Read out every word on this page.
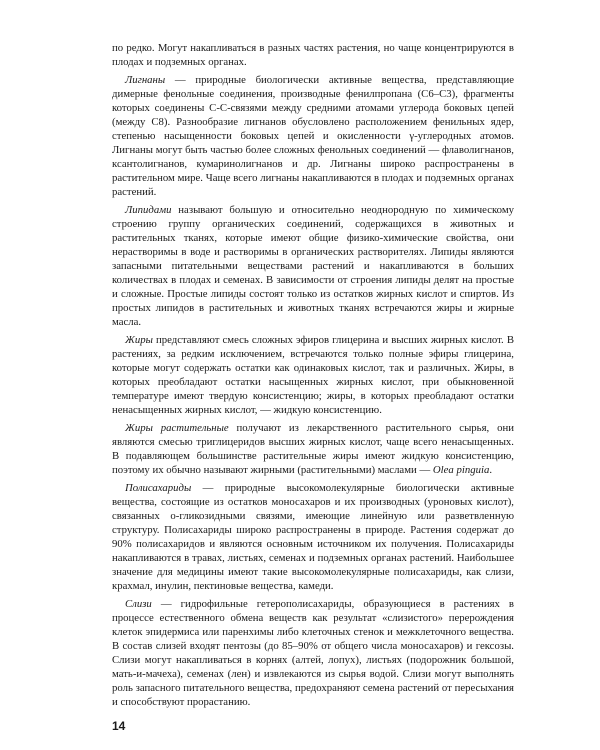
по редко. Могут накапливаться в разных частях растения, но чаще концентрируются в плодах и подземных органах.

Лигнаны — природные биологически активные вещества, представляющие димерные фенольные соединения, производные фенилпропана (С6–С3), фрагменты которых соединены С-С-связями между средними атомами углерода боковых цепей (между С8). Разнообразие лигнанов обусловлено расположением фенильных ядер, степенью насыщенности боковых цепей и окисленности γ-углеродных атомов. Лигнаны могут быть частью более сложных фенольных соединений — флаволигнанов, ксантолигнанов, кумаринолигнанов и др. Лигнаны широко распространены в растительном мире. Чаще всего лигнаны накапливаются в плодах и подземных органах растений.

Липидами называют большую и относительно неоднородную по химическому строению группу органических соединений, содержащихся в животных и растительных тканях, которые имеют общие физико-химические свойства, они нерастворимы в воде и растворимы в органических растворителях. Липиды являются запасными питательными веществами растений и накапливаются в больших количествах в плодах и семенах. В зависимости от строения липиды делят на простые и сложные. Простые липиды состоят только из остатков жирных кислот и спиртов. Из простых липидов в растительных и животных тканях встречаются жиры и жирные масла.

Жиры представляют смесь сложных эфиров глицерина и высших жирных кислот. В растениях, за редким исключением, встречаются только полные эфиры глицерина, которые могут содержать остатки как одинаковых кислот, так и различных. Жиры, в которых преобладают остатки насыщенных жирных кислот, при обыкновенной температуре имеют твердую консистенцию; жиры, в которых преобладают остатки ненасыщенных жирных кислот, — жидкую консистенцию.

Жиры растительные получают из лекарственного растительного сырья, они являются смесью триглицеридов высших жирных кислот, чаще всего ненасыщенных. В подавляющем большинстве растительные жиры имеют жидкую консистенцию, поэтому их обычно называют жирными (растительными) маслами — Olea pinguia.

Полисахариды — природные высокомолекулярные биологически активные вещества, состоящие из остатков моносахаров и их производных (уроновых кислот), связанных о-гликозидными связями, имеющие линейную или разветвленную структуру. Полисахариды широко распространены в природе. Растения содержат до 90% полисахаридов и являются основным источником их получения. Полисахариды накапливаются в травах, листьях, семенах и подземных органах растений. Наибольшее значение для медицины имеют такие высокомолекулярные полисахариды, как слизи, крахмал, инулин, пектиновые вещества, камеди.

Слизи — гидрофильные гетерополисахариды, образующиеся в растениях в процессе естественного обмена веществ как результат «слизистого» перерождения клеток эпидермиса или паренхимы либо клеточных стенок и межклеточного вещества. В состав слизей входят пентозы (до 85–90% от общего числа моносахаров) и гексозы. Слизи могут накапливаться в корнях (алтей, лопух), листьях (подорожник большой, мать-и-мачеха), семенах (лен) и извлекаются из сырья водой. Слизи могут выполнять роль запасного питательного вещества, предохраняют семена растений от пересыхания и способствуют прорастанию.

14
